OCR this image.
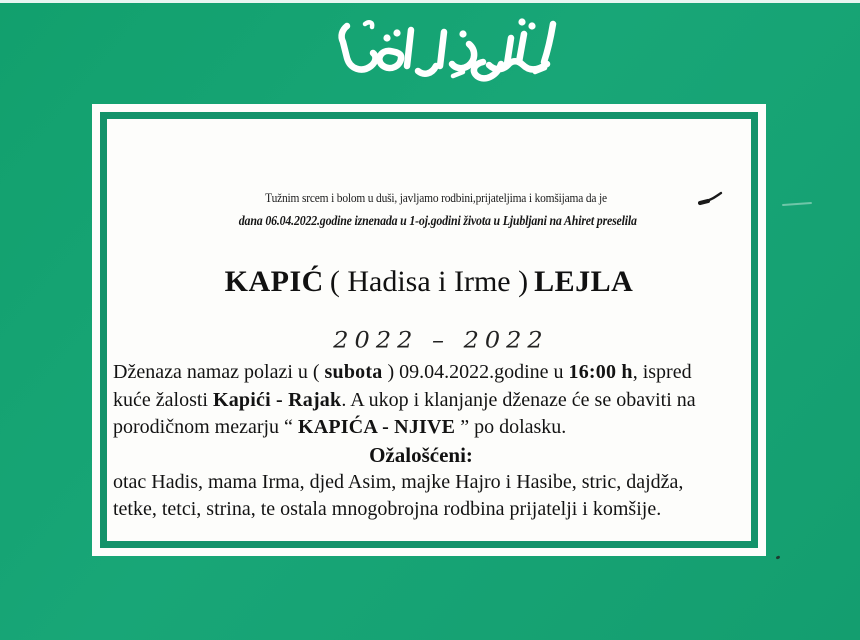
Tužnim srcem i bolom u duši, javljamo rodbini,prijateljima i komšijama da je

dana 06.04.2022.godine iznenada u 1-oj.godini života u Ljubljani na Ahiret preselila

KAPIĆ ( Hadisa i Irme ) LEJLA
2022 – 2022

Dženaza namaz polazi u ( subota ) 09.04.2022.godine u 16:00 h, ispred
kuće žalosti Kapići - Rajak. A ukop i klanjanje dženaze će se obaviti na
porodičnom mezarju “ KAPIĆA - NJIVE ” po dolasku.

Ožalošćeni:

otac Hadis, mama Irma, djed Asim, majke Hajro i Hasibe, stric, dajdža,
tetke, tetci, strina, te ostala mnogobrojna rodbina prijatelji i komšije.
